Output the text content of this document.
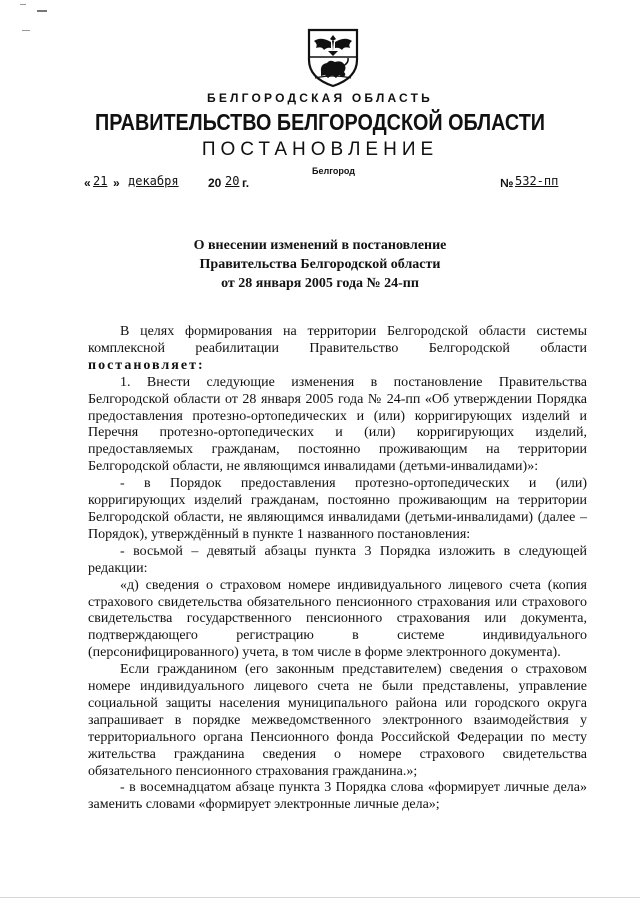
БЕЛГОРОДСКАЯ ОБЛАСТЬ
ПРАВИТЕЛЬСТВО БЕЛГОРОДСКОЙ ОБЛАСТИ
ПОСТАНОВЛЕНИЕ
Белгород
« 21 » декабря 20 20 г.	№ 532-пп
О внесении изменений в постановление
Правительства Белгородской области
от 28 января 2005 года № 24-пп

В целях формирования на территории Белгородской области системы комплексной реабилитации Правительство Белгородской области постановляет:

1. Внести следующие изменения в постановление Правительства Белгородской области от 28 января 2005 года № 24-пп «Об утверждении Порядка предоставления протезно-ортопедических и (или) корригирующих изделий и Перечня протезно-ортопедических и (или) корригирующих изделий, предоставляемых гражданам, постоянно проживающим на территории Белгородской области, не являющимся инвалидами (детьми-инвалидами)»:

- в Порядок предоставления протезно-ортопедических и (или) корригирующих изделий гражданам, постоянно проживающим на территории Белгородской области, не являющимся инвалидами (детьми-инвалидами) (далее – Порядок), утверждённый в пункте 1 названного постановления:

- восьмой – девятый абзацы пункта 3 Порядка изложить в следующей редакции:

«д) сведения о страховом номере индивидуального лицевого счета (копия страхового свидетельства обязательного пенсионного страхования или страхового свидетельства государственного пенсионного страхования или документа, подтверждающего регистрацию в системе индивидуального (персонифицированного) учета, в том числе в форме электронного документа).

Если гражданином (его законным представителем) сведения о страховом номере индивидуального лицевого счета не были представлены, управление социальной защиты населения муниципального района или городского округа запрашивает в порядке межведомственного электронного взаимодействия у территориального органа Пенсионного фонда Российской Федерации по месту жительства гражданина сведения о номере страхового свидетельства обязательного пенсионного страхования гражданина.»;

- в восемнадцатом абзаце пункта 3 Порядка слова «формирует личные дела» заменить словами «формирует электронные личные дела»;
